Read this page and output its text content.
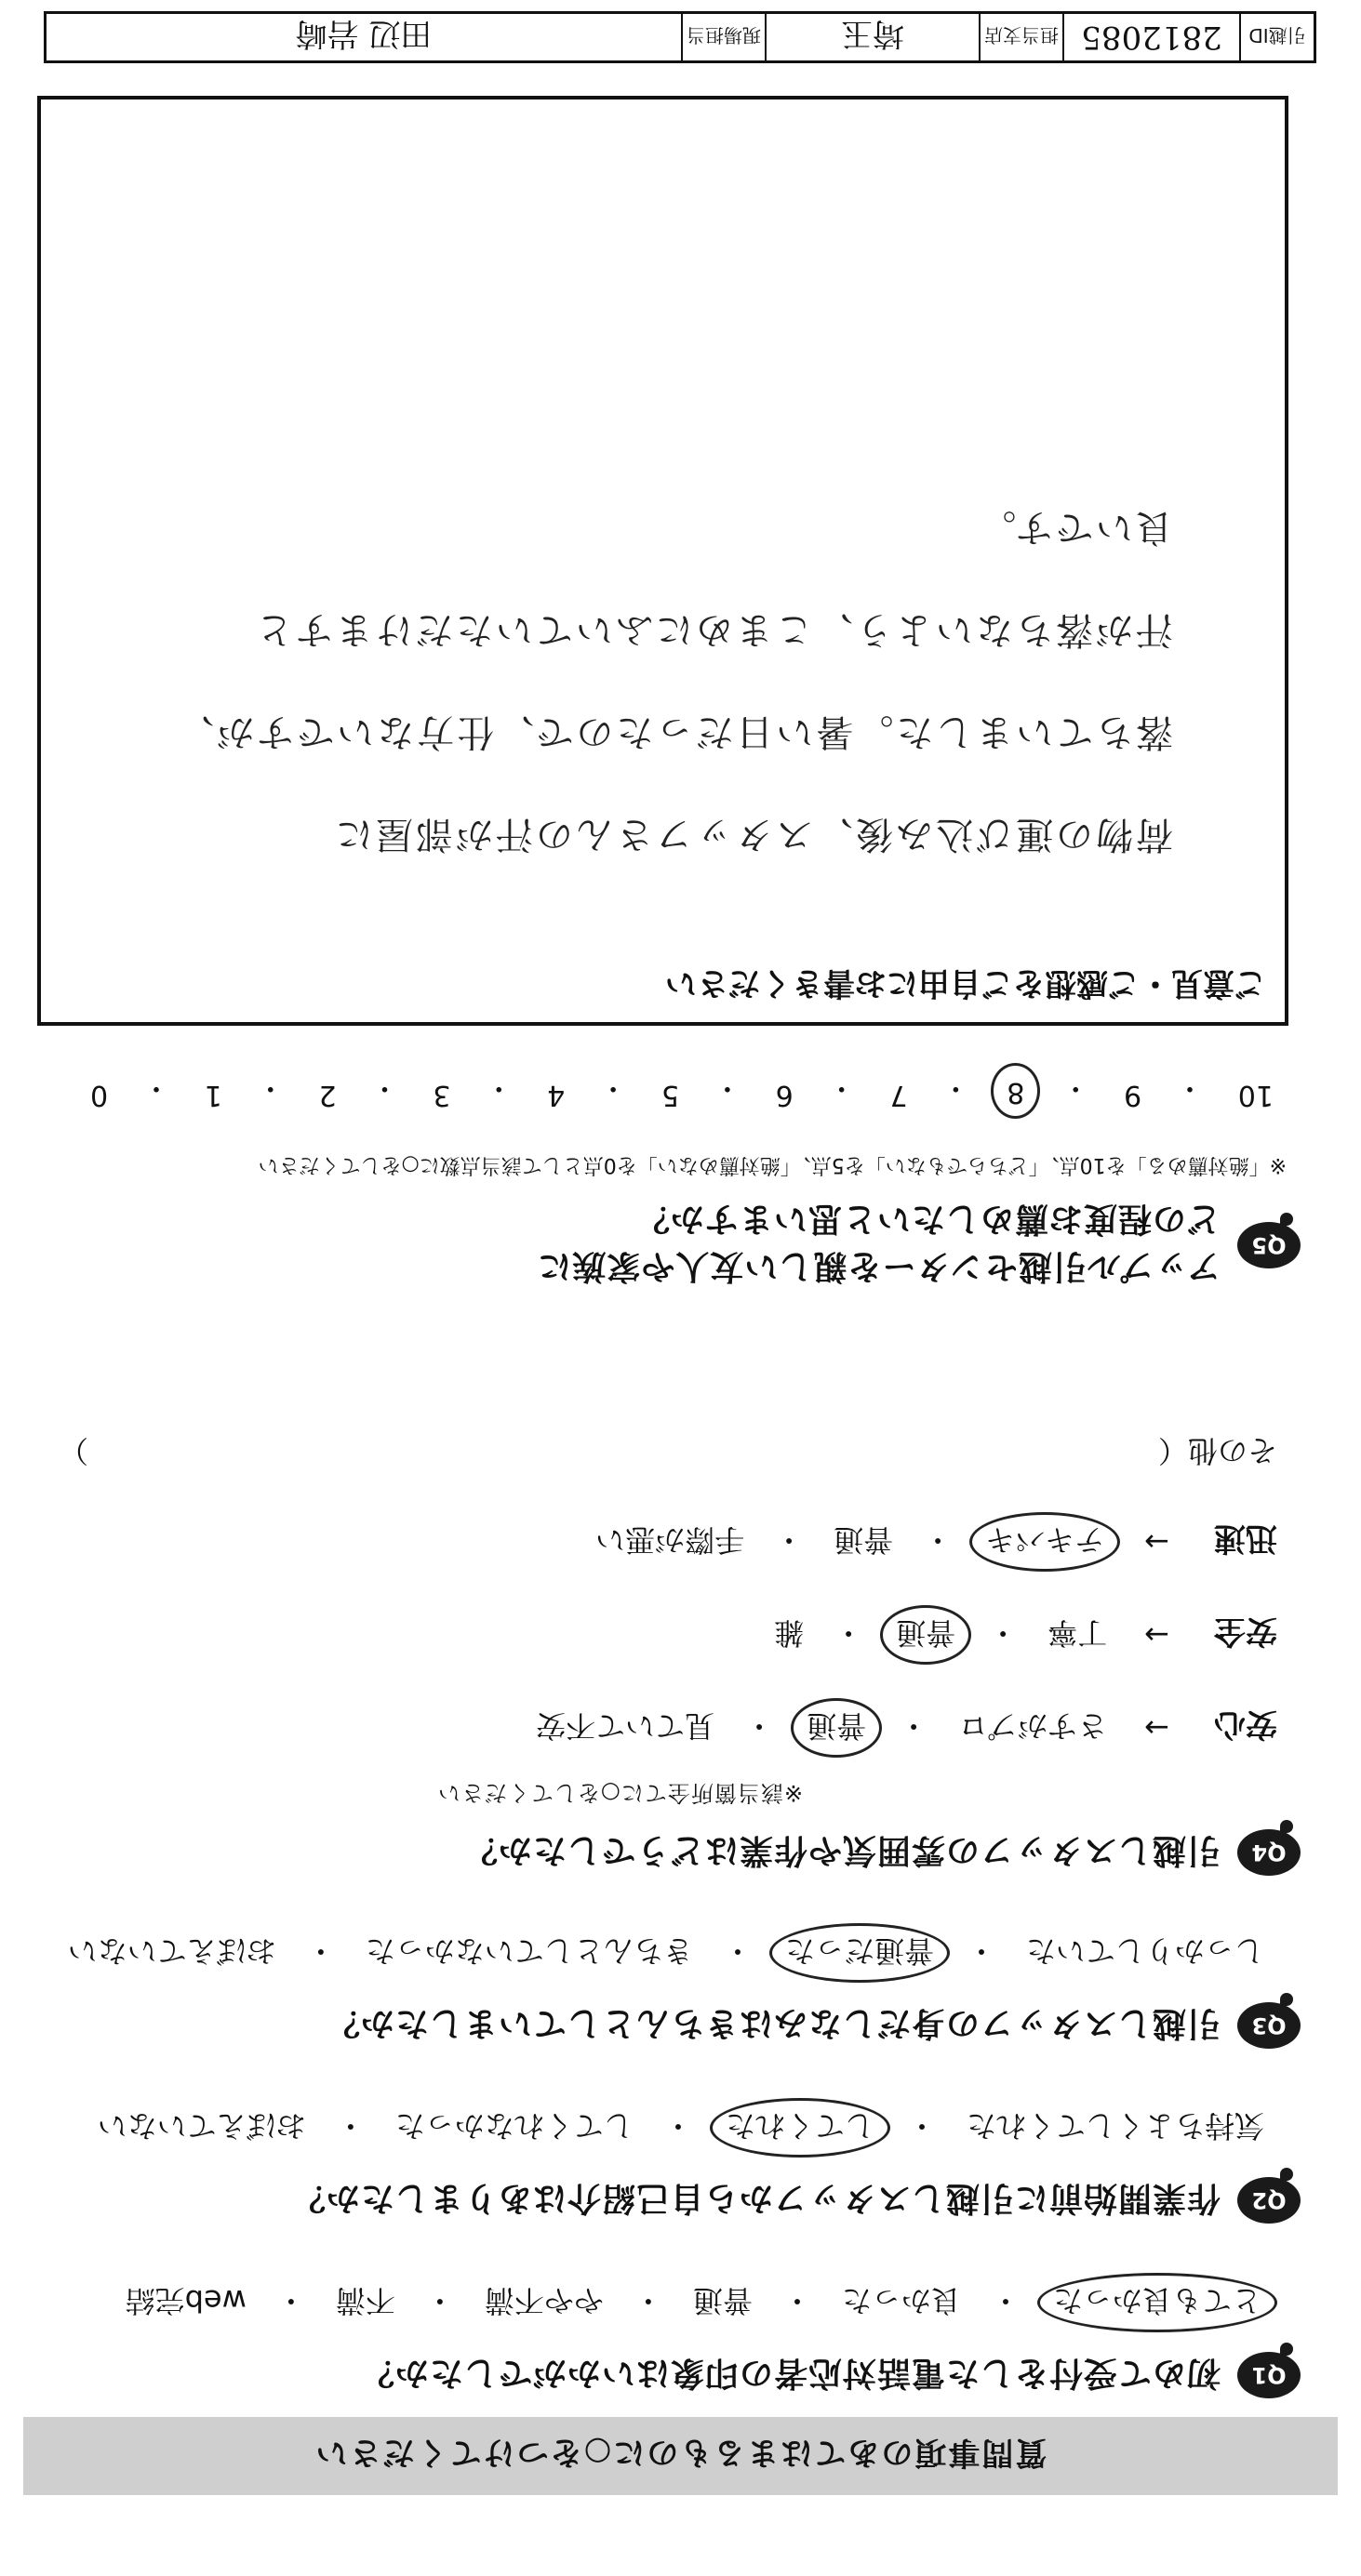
質問事項のあてはまるものに○をつけてください
Q1
初めて受付をした電話対応者の印象はいかがでしたか？
とても良かった
・
良かった
・
普通
・
やや不満
・
不満
・
web完結
Q2
作業開始前に引越しスタッフから自己紹介はありましたか？
気持ちよくしてくれた
・
してくれた
・
してくれなかった
・
おぼえていない
Q3
引越しスタッフの身だしなみはきちんとしていましたか？
しっかりしていた
・
普通だった
・
きちんとしていなかった
・
おぼえていない
Q4
引越しスタッフの雰囲気や作業はどうでしたか？
※該当箇所全てに○をしてください
安心
→
さすがプロ
・
普通
・
見ていて不安
安全
→
丁寧
・
普通
・
雑
迅速
→
テキパキ
・
普通
・
手際が悪い
その他（
）
Q5
アップル引越センターを親しい友人や家族に
どの程度お薦めしたいと思いますか？
※「絶対薦める」を10点、「どちらでもない」を5点、「絶対薦めない」を0点として該当点数に○をしてください
10
・
9
・
8
・
7
・
6
・
5
・
4
・
3
・
2
・
1
・
0
ご意見・ご感想をご自由にお書きください
荷物の運び込み後、スタッフさんの汗が部屋に
落ちていました。暑い日だったので、仕方ないですが、
汗が落ちないよう、こまめにふいていただけますと
良いです。
引越ID
2812085
担当支店
埼玉
現場担当
田辺 岩崎
